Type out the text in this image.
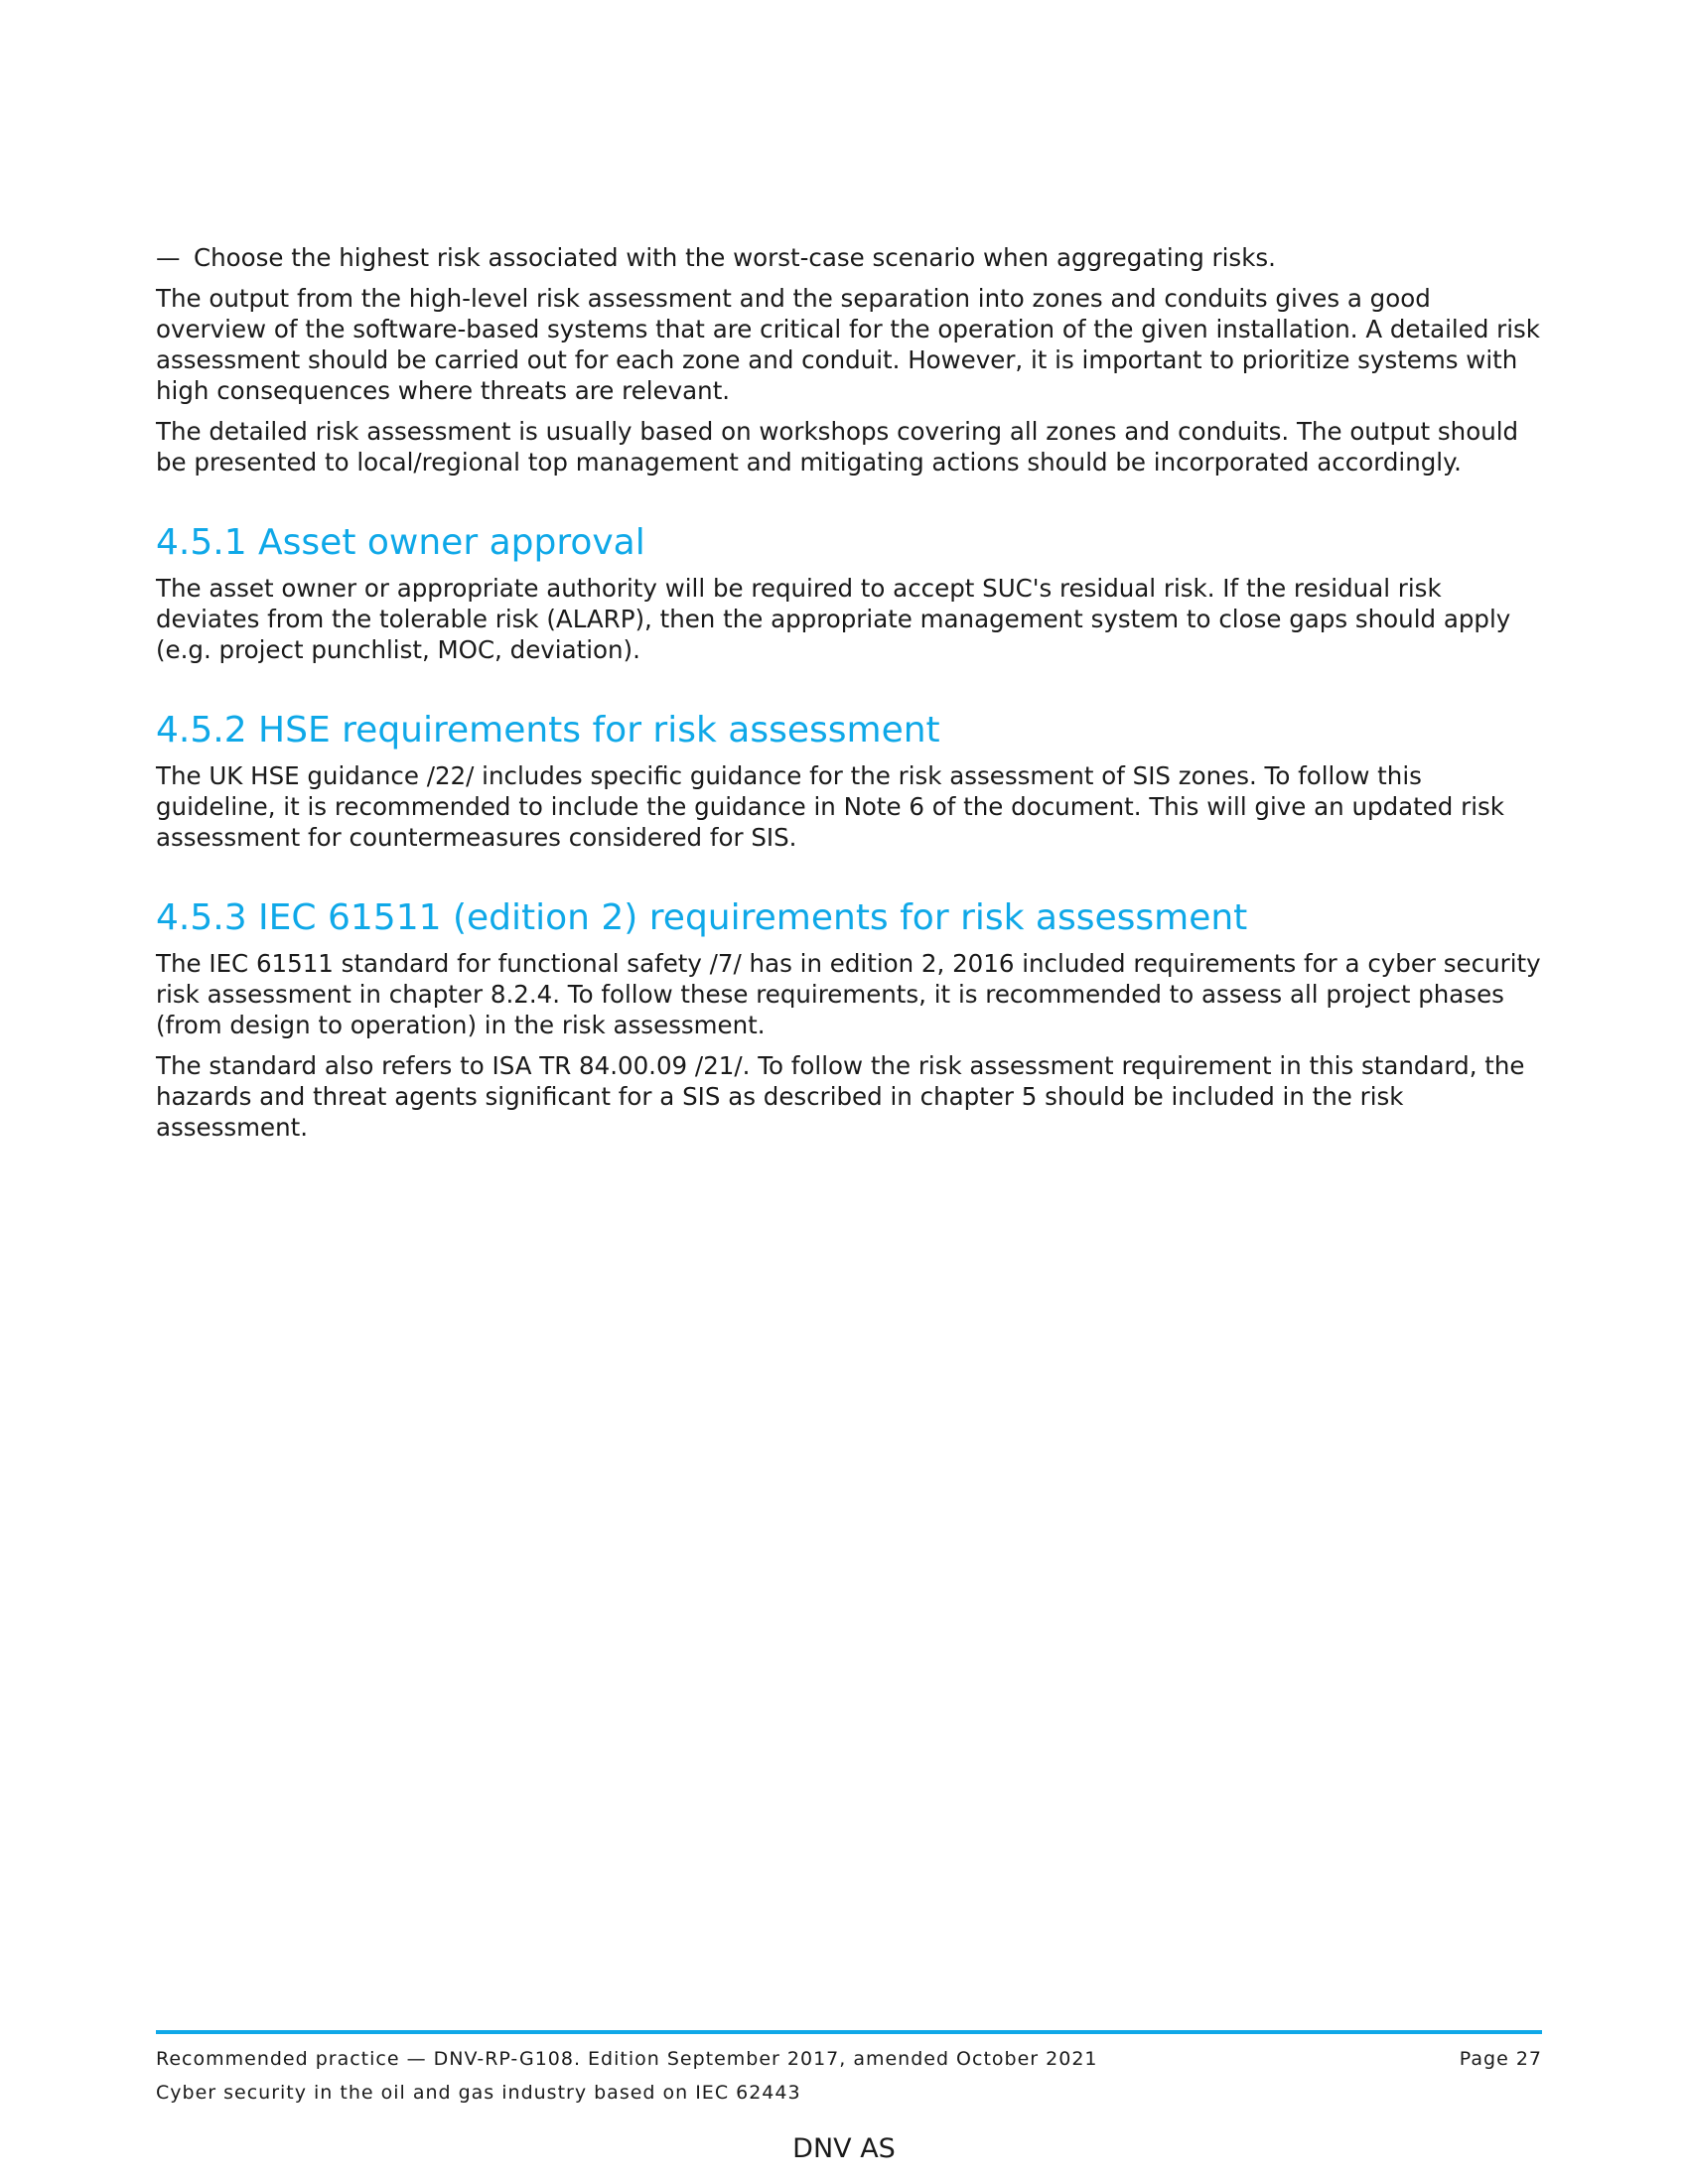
— Choose the highest risk associated with the worst-case scenario when aggregating risks.

The output from the high-level risk assessment and the separation into zones and conduits gives a good overview of the software-based systems that are critical for the operation of the given installation. A detailed risk assessment should be carried out for each zone and conduit. However, it is important to prioritize systems with high consequences where threats are relevant.

The detailed risk assessment is usually based on workshops covering all zones and conduits. The output should be presented to local/regional top management and mitigating actions should be incorporated accordingly.

4.5.1 Asset owner approval

The asset owner or appropriate authority will be required to accept SUC's residual risk. If the residual risk deviates from the tolerable risk (ALARP), then the appropriate management system to close gaps should apply (e.g. project punchlist, MOC, deviation).

4.5.2 HSE requirements for risk assessment

The UK HSE guidance /22/ includes specific guidance for the risk assessment of SIS zones. To follow this guideline, it is recommended to include the guidance in Note 6 of the document. This will give an updated risk assessment for countermeasures considered for SIS.

4.5.3 IEC 61511 (edition 2) requirements for risk assessment

The IEC 61511 standard for functional safety /7/ has in edition 2, 2016 included requirements for a cyber security risk assessment in chapter 8.2.4. To follow these requirements, it is recommended to assess all project phases (from design to operation) in the risk assessment.

The standard also refers to ISA TR 84.00.09 /21/. To follow the risk assessment requirement in this standard, the hazards and threat agents significant for a SIS as described in chapter 5 should be included in the risk assessment.

Recommended practice — DNV-RP-G108. Edition September 2017, amended October 2021	Page 27
Cyber security in the oil and gas industry based on IEC 62443
DNV AS
